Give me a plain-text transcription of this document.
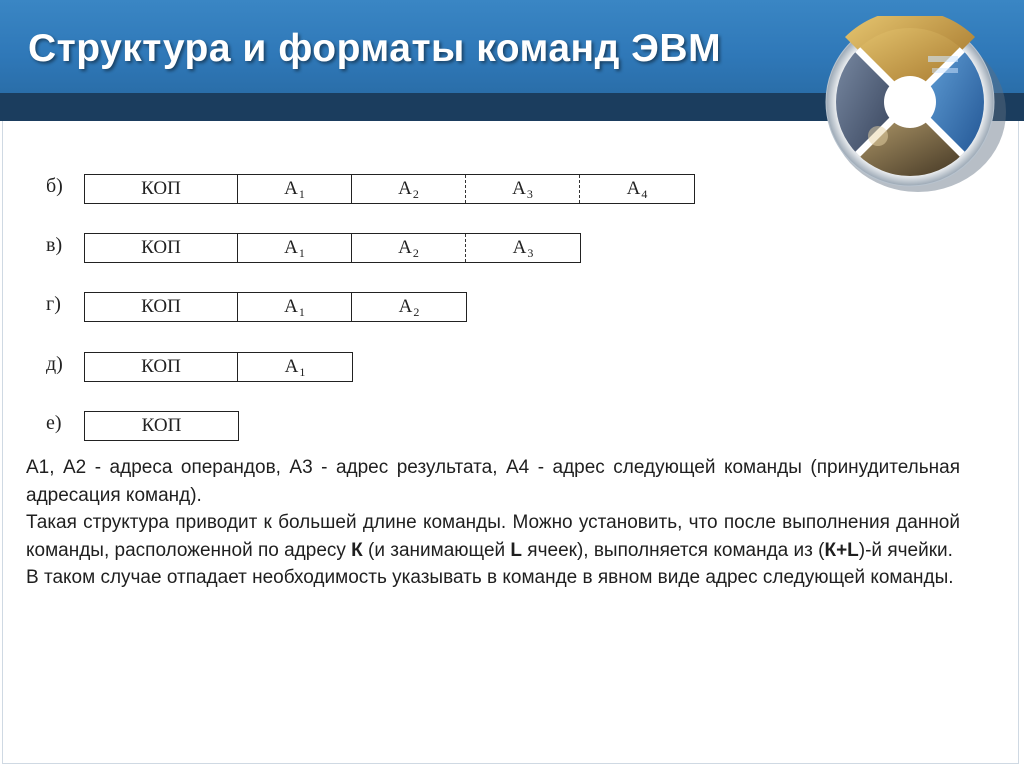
Структура и форматы команд ЭВМ
б)	КОП	А 1	А 2	А 3	А 4
в)	КОП	А 1	А 2	А 3
г)	КОП	А 1	А 2
д)	КОП	А 1
е)	КОП

А1, А2 - адреса операндов, А3 - адрес результата, А4 - адрес следующей команды (принудительная адресация команд).

Такая структура приводит к большей длине команды. Можно установить, что после выполнения данной команды, расположенной по адресу К (и занимающей L ячеек), выполняется команда из (К+L)-й ячейки.

В таком случае отпадает необходимость указывать в команде в явном виде адрес следующей команды.
